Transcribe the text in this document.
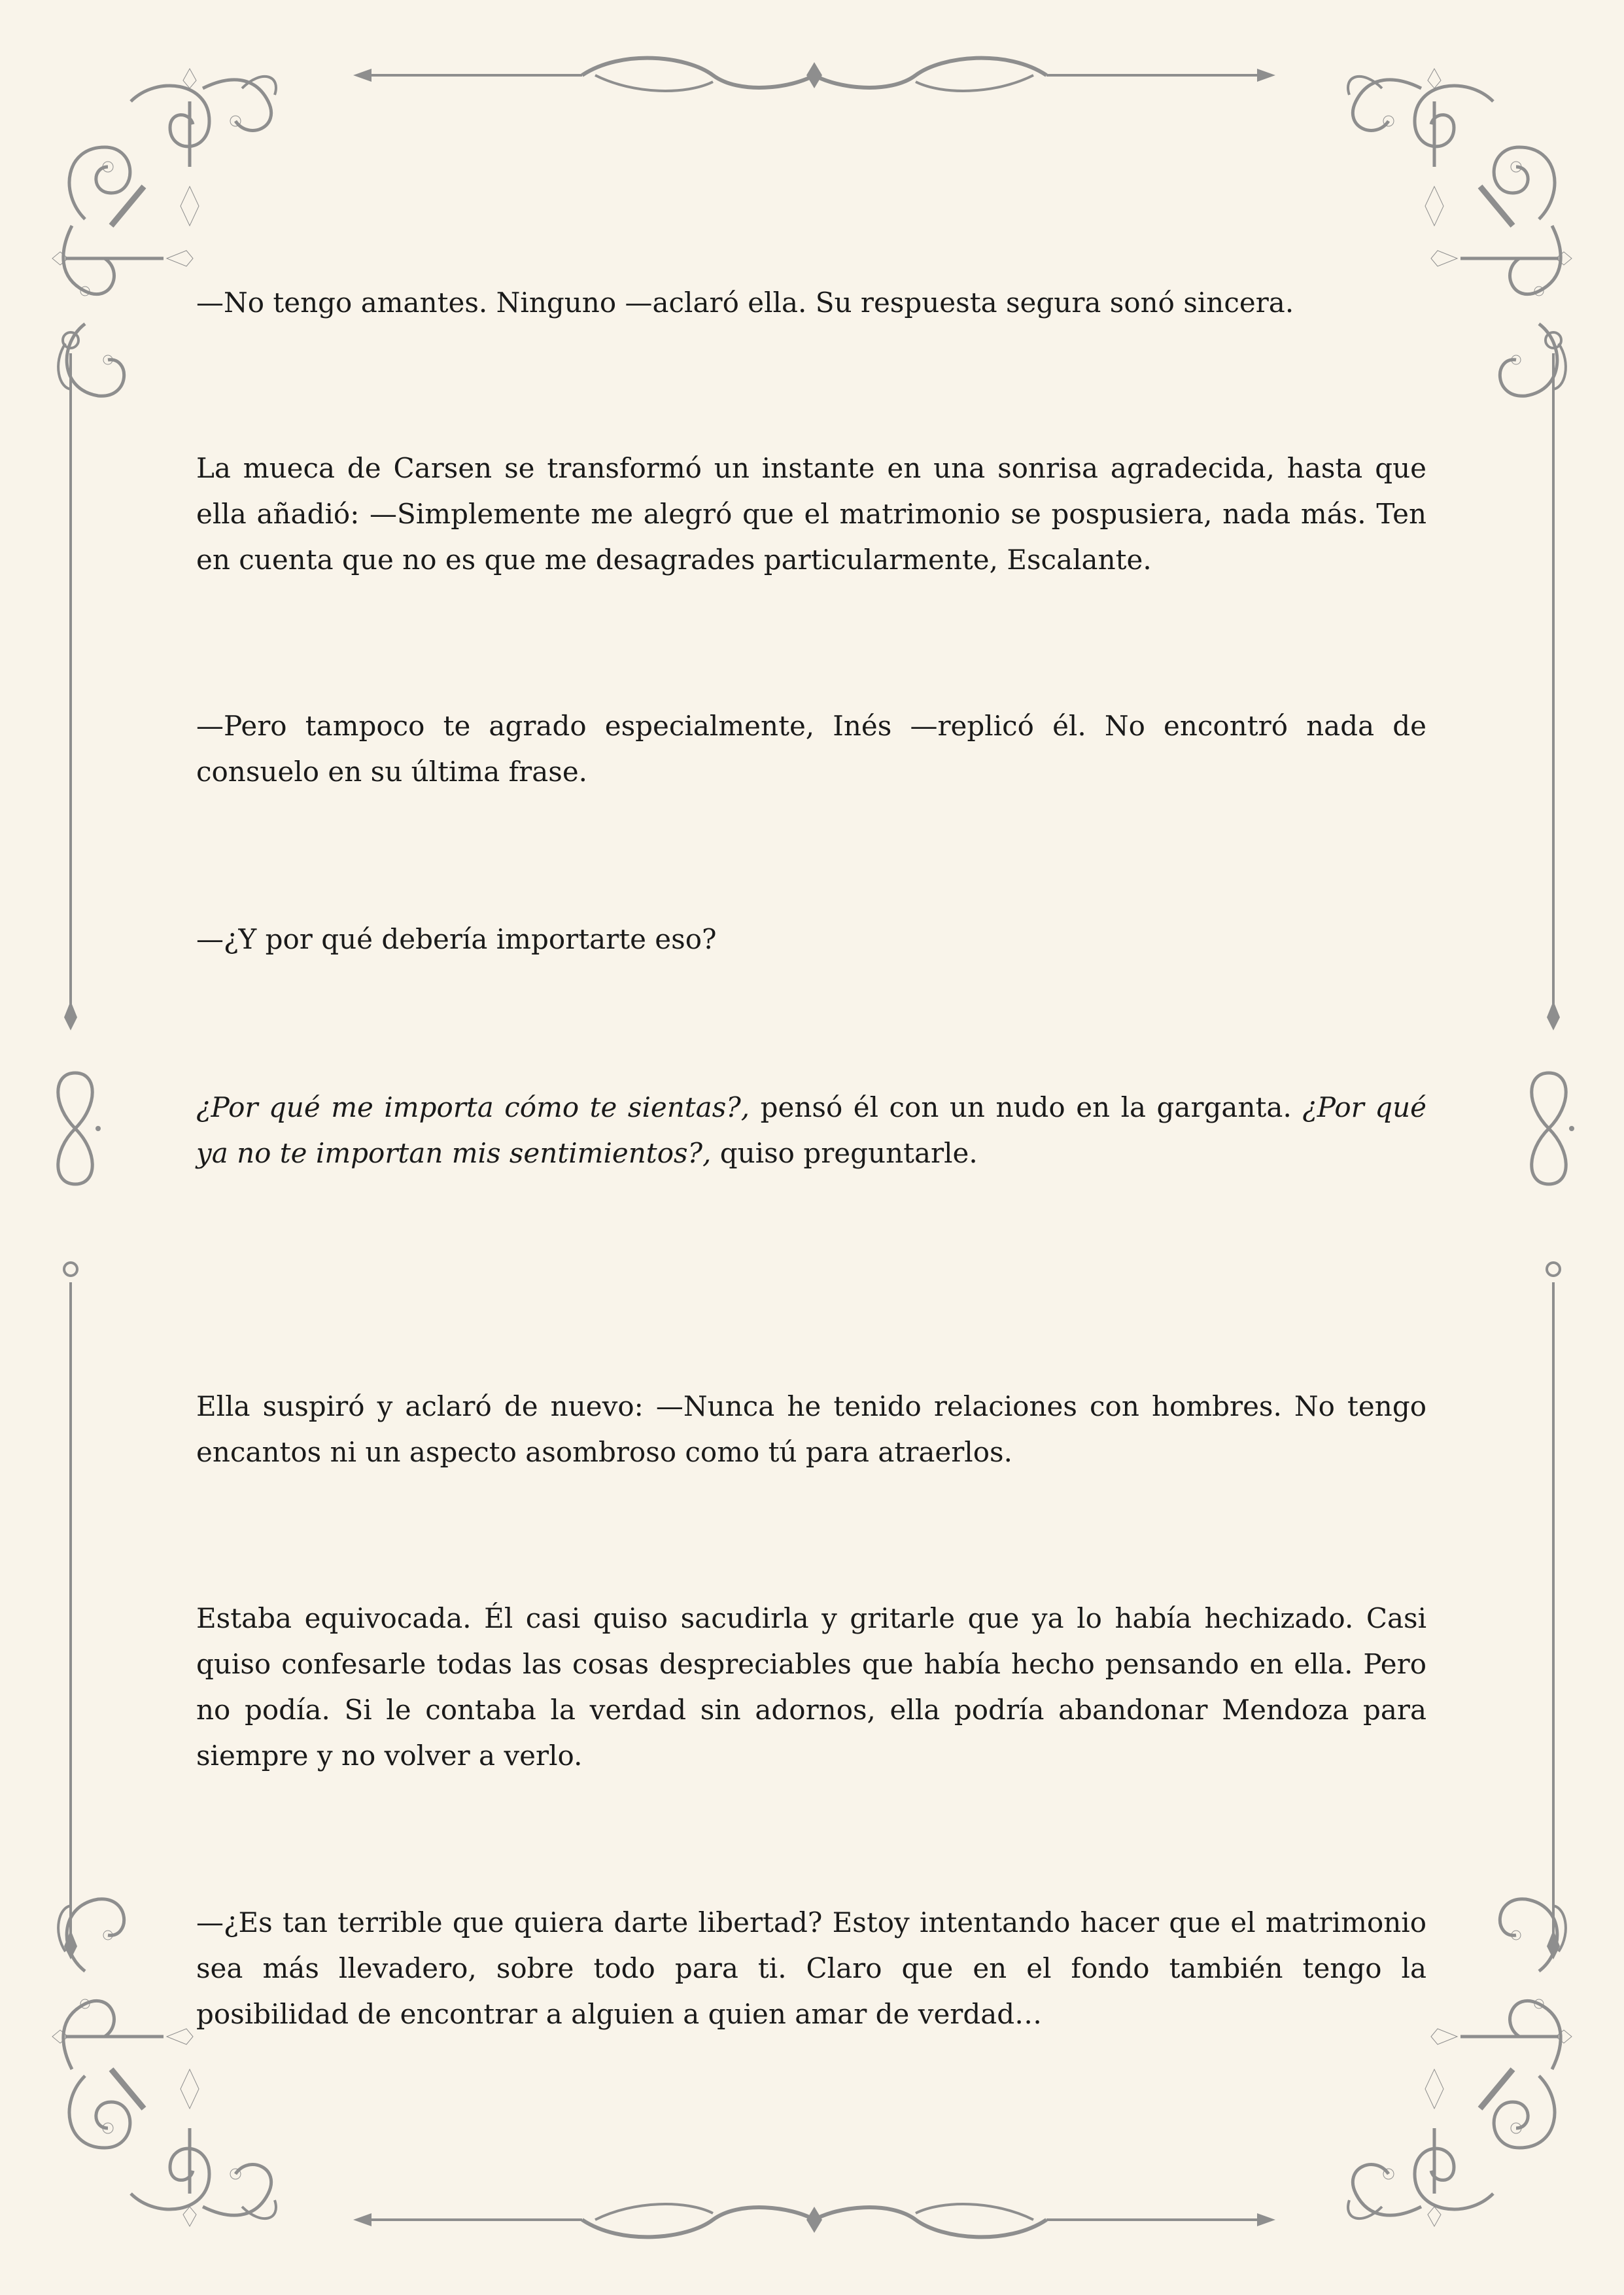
—No tengo amantes. Ninguno —aclaró ella. Su respuesta segura sonó sincera.

La mueca de Carsen se transformó un instante en una sonrisa agradecida, hasta que ella añadió: —Simplemente me alegró que el matrimonio se pospusiera, nada más. Ten en cuenta que no es que me desagrades particularmente, Escalante.

—Pero tampoco te agrado especialmente, Inés —replicó él. No encontró nada de consuelo en su última frase.

—¿Y por qué debería importarte eso?

¿Por qué me importa cómo te sientas?, pensó él con un nudo en la garganta. ¿Por qué ya no te importan mis sentimientos?, quiso preguntarle.

Ella suspiró y aclaró de nuevo: —Nunca he tenido relaciones con hombres. No tengo encantos ni un aspecto asombroso como tú para atraerlos.

Estaba equivocada. Él casi quiso sacudirla y gritarle que ya lo había hechizado. Casi quiso confesarle todas las cosas despreciables que había hecho pensando en ella. Pero no podía. Si le contaba la verdad sin adornos, ella podría abandonar Mendoza para siempre y no volver a verlo.

—¿Es tan terrible que quiera darte libertad? Estoy intentando hacer que el matrimonio sea más llevadero, sobre todo para ti. Claro que en el fondo también tengo la posibilidad de encontrar a alguien a quien amar de verdad…
